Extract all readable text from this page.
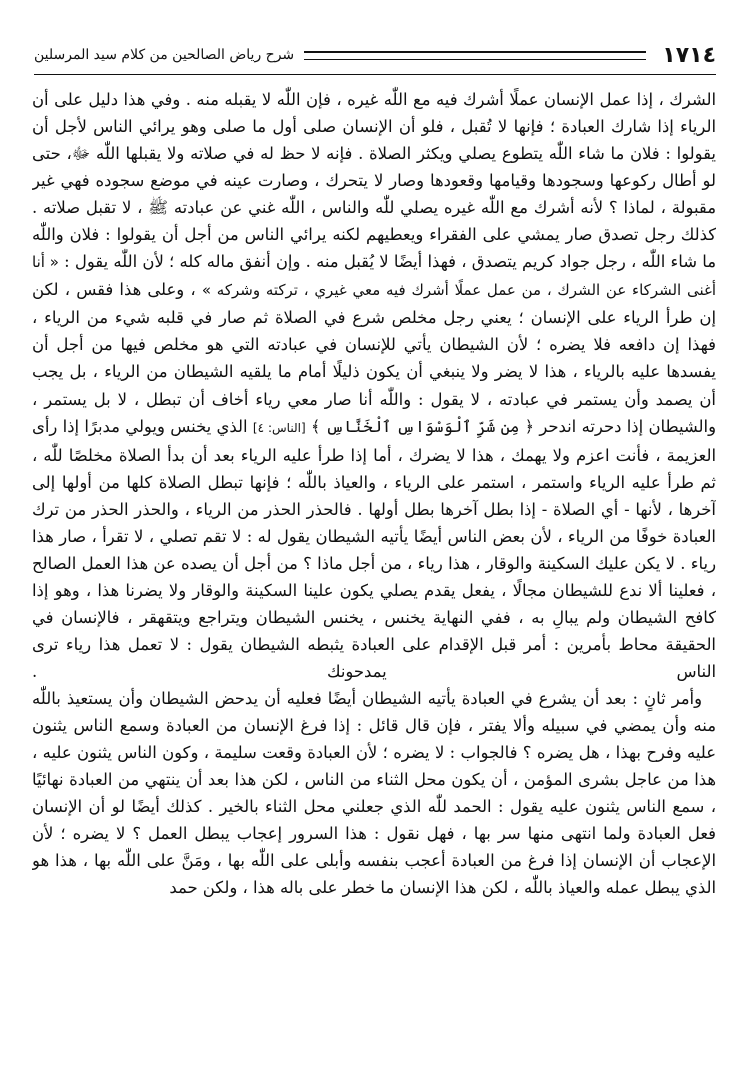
١٧١٤
شرح رياض الصالحين من كلام سيد المرسلين

الشرك ، إذا عمل الإنسان عملًا أشرك فيه مع اللّٰه غيره ، فإن اللّٰه لا يقبله منه . وفي هذا دليل على أن الرياء إذا شارك العبادة ؛ فإنها لا تُقبل ، فلو أن الإنسان صلى أول ما صلى وهو يرائي الناس لأجل أن يقولوا : فلان ما شاء اللّٰه يتطوع يصلي ويكثر الصلاة . فإنه لا حظ له في صلاته ولا يقبلها اللّٰه ﷻ، حتى لو أطال ركوعها وسجودها وقيامها وقعودها وصار لا يتحرك ، وصارت عينه في موضع سجوده فهي غير مقبولة ، لماذا ؟ لأنه أشرك مع اللّٰه غيره يصلي للّٰه والناس ، اللّٰه غني عن عبادته ﷺ ، لا تقبل صلاته . كذلك رجل تصدق صار يمشي على الفقراء ويعطيهم لكنه يرائي الناس من أجل أن يقولوا : فلان واللّٰه ما شاء اللّٰه ، رجل جواد كريم يتصدق ، فهذا أيضًا لا يُقبل منه . وإن أنفق ماله كله ؛ لأن اللّٰه يقول : « أنا أغنى الشركاء عن الشرك ، من عمل عملًا أشرك فيه معي غيري ، تركته وشركه » ، وعلى هذا فقس ، لكن إن طرأ الرياء على الإنسان ؛ يعني رجل مخلص شرع في الصلاة ثم صار في قلبه شيء من الرياء ، فهذا إن دافعه فلا يضره ؛ لأن الشيطان يأتي للإنسان في عبادته التي هو مخلص فيها من أجل أن يفسدها عليه بالرياء ، هذا لا يضر ولا ينبغي أن يكون ذليلًا أمام ما يلقيه الشيطان من الرياء ، بل يجب أن يصمد وأن يستمر في عبادته ، لا يقول : واللّٰه أنا صار معي رياء أخاف أن تبطل ، لا بل يستمر ، والشيطان إذا دحرته اندحر ﴿ مِن شَرِّ ٱلْوَسْوَاسِ ٱلْخَنَّاسِ ﴾ [الناس: ٤] الذي يخنس ويولي مدبرًا إذا رأى العزيمة ، فأنت اعزم ولا يهمك ، هذا لا يضرك ، أما إذا طرأ عليه الرياء بعد أن بدأ الصلاة مخلصًا للّٰه ، ثم طرأ عليه الرياء واستمر ، استمر على الرياء ، والعياذ باللّٰه ؛ فإنها تبطل الصلاة كلها من أولها إلى آخرها ، لأنها - أي الصلاة - إذا بطل آخرها بطل أولها . فالحذر الحذر من الرياء ، والحذر الحذر من ترك العبادة خوفًا من الرياء ، لأن بعض الناس أيضًا يأتيه الشيطان يقول له : لا تقم تصلي ، لا تقرأ ، صار هذا رياء . لا يكن عليك السكينة والوقار ، هذا رياء ، من أجل ماذا ؟ من أجل أن يصده عن هذا العمل الصالح ، فعلينا ألا ندع للشيطان مجالًا ، يفعل يقدم يصلي يكون علينا السكينة والوقار ولا يضرنا هذا ، وهو إذا كافح الشيطان ولم يبالِ به ، ففي النهاية يخنس ، يخنس الشيطان ويتراجع ويتقهقر ، فالإنسان في الحقيقة محاط بأمرين : أمر قبل الإقدام على العبادة يثبطه الشيطان يقول : لا تعمل هذا رياء ترى الناس يمدحونك .

وأمر ثانٍ : بعد أن يشرع في العبادة يأتيه الشيطان أيضًا فعليه أن يدحض الشيطان وأن يستعيذ باللّٰه منه وأن يمضي في سبيله وألا يفتر ، فإن قال قائل : إذا فرغ الإنسان من العبادة وسمع الناس يثنون عليه وفرح بهذا ، هل يضره ؟ فالجواب : لا يضره ؛ لأن العبادة وقعت سليمة ، وكون الناس يثنون عليه ، هذا من عاجل بشرى المؤمن ، أن يكون محل الثناء من الناس ، لكن هذا بعد أن ينتهي من العبادة نهائيًا ، سمع الناس يثنون عليه يقول : الحمد للّٰه الذي جعلني محل الثناء بالخير . كذلك أيضًا لو أن الإنسان فعل العبادة ولما انتهى منها سر بها ، فهل نقول : هذا السرور إعجاب يبطل العمل ؟ لا يضره ؛ لأن الإعجاب أن الإنسان إذا فرغ من العبادة أعجب بنفسه وأبلى على اللّٰه بها ، ومَنَّ على اللّٰه بها ، هذا هو الذي يبطل عمله والعياذ باللّٰه ، لكن هذا الإنسان ما خطر على باله هذا ، ولكن حمد
